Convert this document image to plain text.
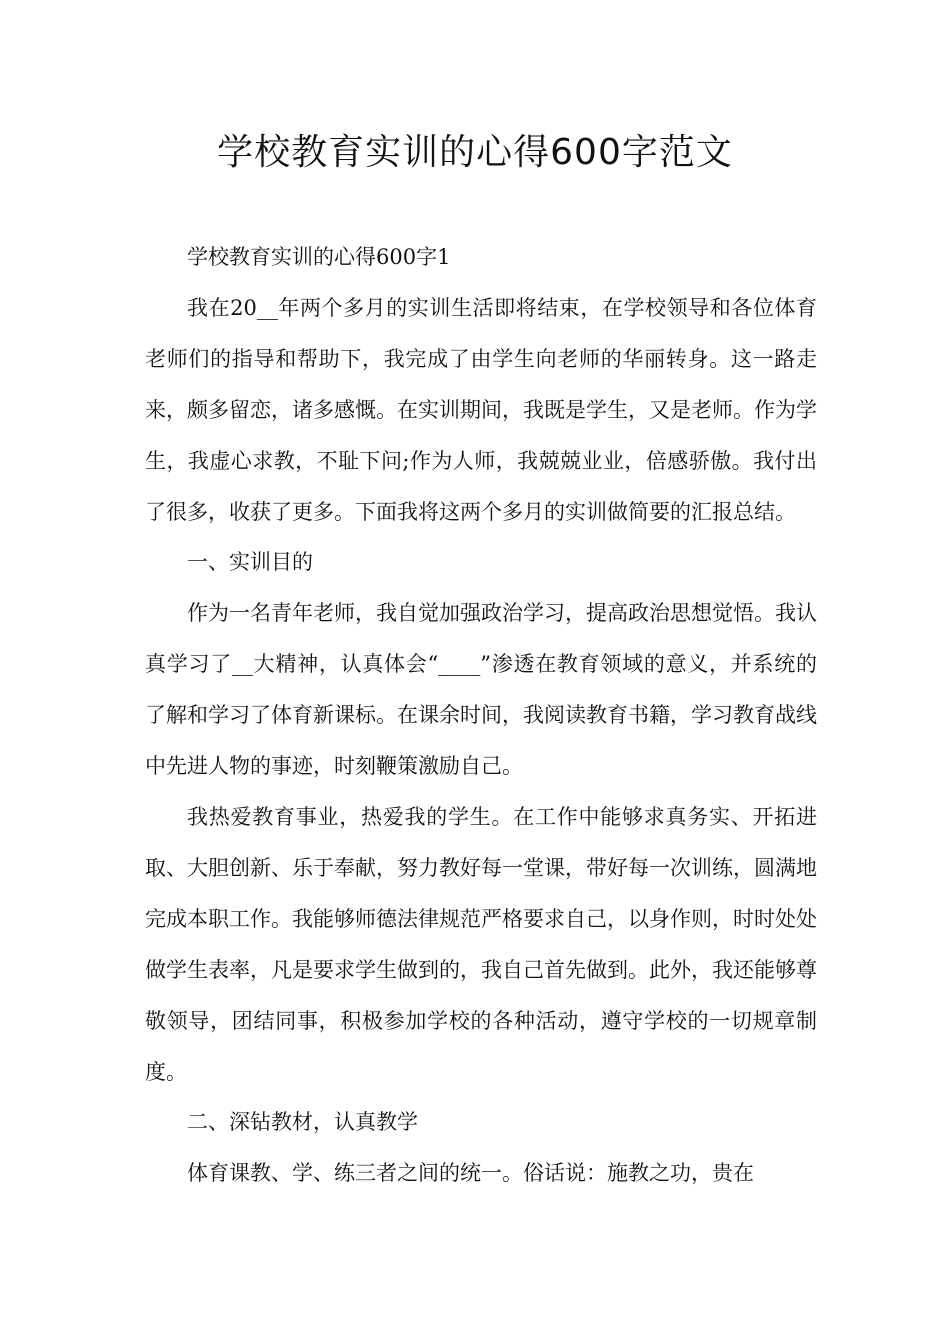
学校教育实训的心得600字范文

学校教育实训的心得600字1

我在20__年两个多月的实训生活即将结束，在学校领导和各位体育老师们的指导和帮助下，我完成了由学生向老师的华丽转身。这一路走来，颇多留恋，诸多感慨。在实训期间，我既是学生，又是老师。作为学生，我虚心求教，不耻下问;作为人师，我兢兢业业，倍感骄傲。我付出了很多，收获了更多。下面我将这两个多月的实训做简要的汇报总结。

一、实训目的

作为一名青年老师，我自觉加强政治学习，提高政治思想觉悟。我认真学习了__大精神，认真体会“____”渗透在教育领域的意义，并系统的了解和学习了体育新课标。在课余时间，我阅读教育书籍，学习教育战线中先进人物的事迹，时刻鞭策激励自己。

我热爱教育事业，热爱我的学生。在工作中能够求真务实、开拓进取、大胆创新、乐于奉献，努力教好每一堂课，带好每一次训练，圆满地完成本职工作。我能够师德法律规范严格要求自己，以身作则，时时处处做学生表率，凡是要求学生做到的，我自己首先做到。此外，我还能够尊敬领导，团结同事，积极参加学校的各种活动，遵守学校的一切规章制度。

二、深钻教材，认真教学

体育课教、学、练三者之间的统一。俗话说：施教之功，贵在
